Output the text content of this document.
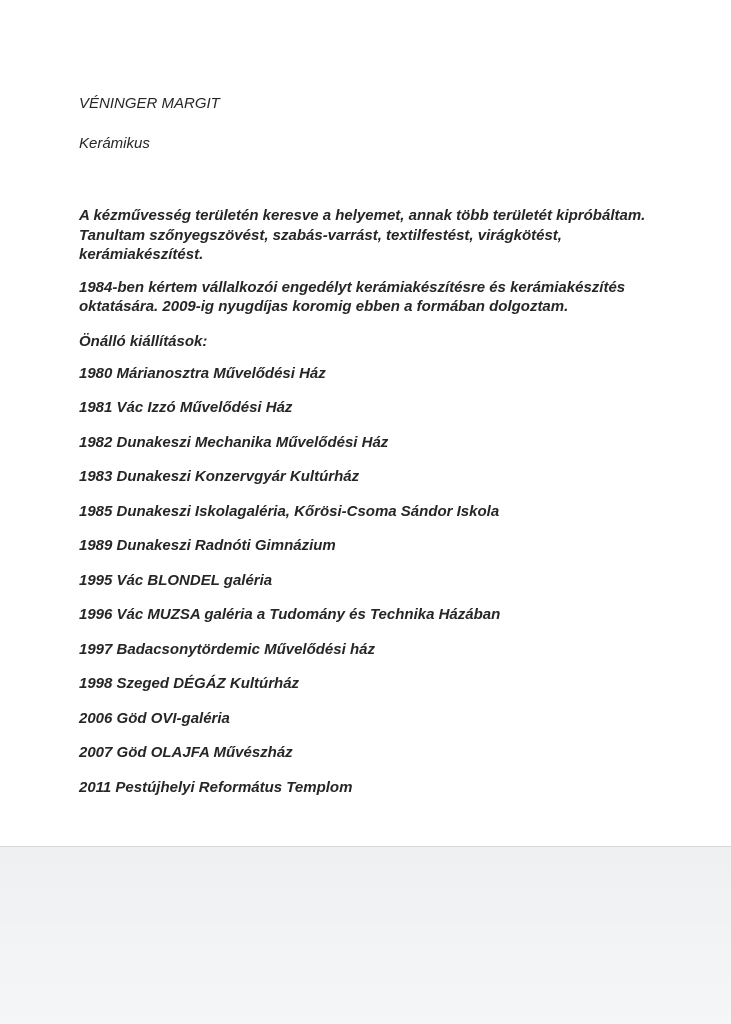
VÉNINGER MARGIT

Kerámikus

A kézművesség területén keresve a helyemet, annak több területét kipróbáltam. Tanultam szőnyegszövést, szabás-varrást, textilfestést, virágkötést, kerámiakészítést.

1984-ben kértem vállalkozói engedélyt kerámiakészítésre és kerámiakészítés oktatására. 2009-ig nyugdíjas koromig ebben a formában dolgoztam.

Önálló kiállítások:

1980 Márianosztra Művelődési Ház
1981 Vác Izzó Művelődési Ház
1982 Dunakeszi Mechanika Művelődési Ház
1983 Dunakeszi Konzervgyár Kultúrház
1985 Dunakeszi Iskolagaléria, Kőrösi-Csoma Sándor Iskola
1989 Dunakeszi Radnóti Gimnázium
1995 Vác BLONDEL galéria
1996 Vác MUZSA galéria a Tudomány és Technika Házában
1997 Badacsonytördemic Művelődési ház
1998 Szeged DÉGÁZ Kultúrház
2006 Göd OVI-galéria
2007 Göd OLAJFA Művészház
2011 Pestújhelyi Református Templom
